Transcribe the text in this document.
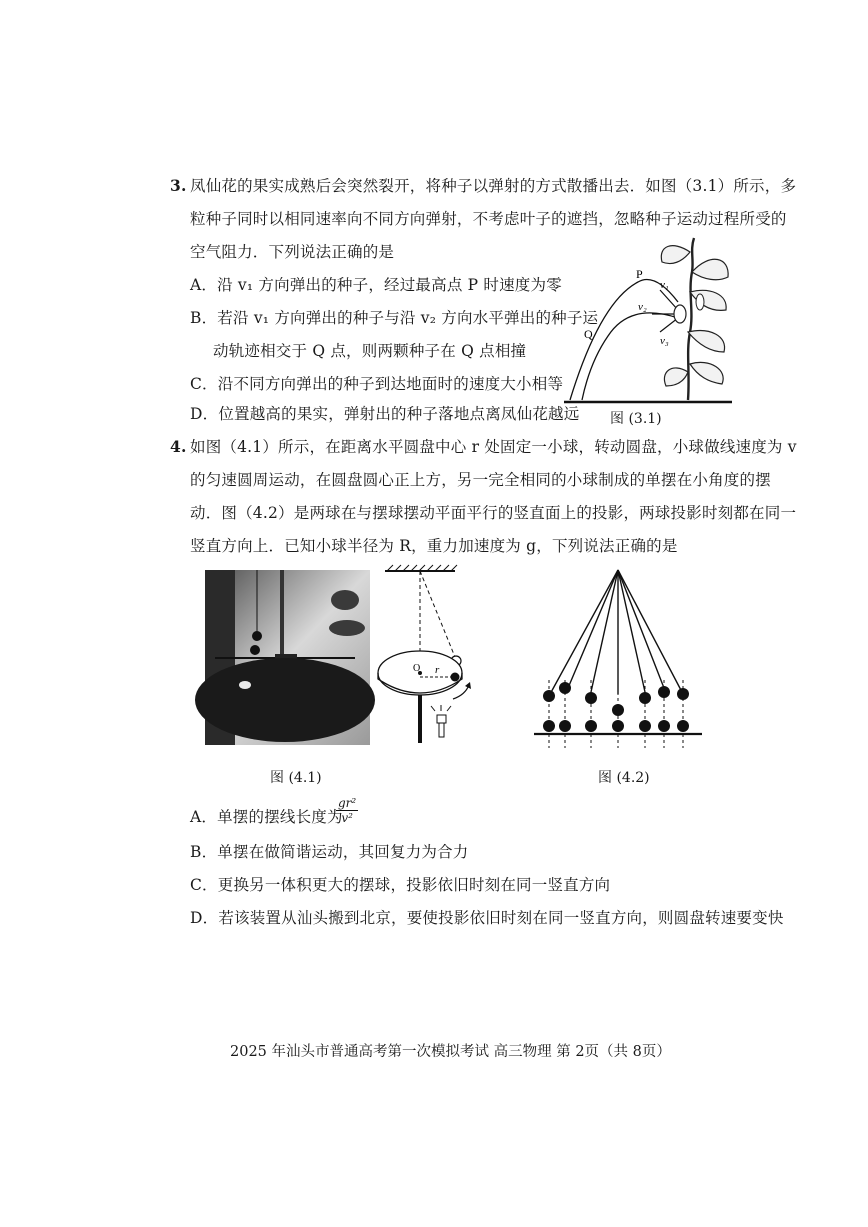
3. 凤仙花的果实成熟后会突然裂开，将种子以弹射的方式散播出去．如图（3.1）所示，多
粒种子同时以相同速率向不同方向弹射，不考虑叶子的遮挡，忽略种子运动过程所受的
空气阻力．下列说法正确的是
A．沿 v₁ 方向弹出的种子，经过最高点 P 时速度为零
B．若沿 v₁ 方向弹出的种子与沿 v₂ 方向水平弹出的种子运
动轨迹相交于 Q 点，则两颗种子在 Q 点相撞
C．沿不同方向弹出的种子到达地面时的速度大小相等
D．位置越高的果实，弹射出的种子落地点离凤仙花越远
P
Q
v₁
v₂
v₃
图 (3.1)
4. 如图（4.1）所示，在距离水平圆盘中心 r 处固定一小球，转动圆盘，小球做线速度为 v
的匀速圆周运动，在圆盘圆心正上方，另一完全相同的小球制成的单摆在小角度的摆
动．图（4.2）是两球在与摆球摆动平面平行的竖直面上的投影，两球投影时刻都在同一
竖直方向上．已知小球半径为 R，重力加速度为 g，下列说法正确的是
O r
图 (4.1)	图 (4.2)
A．单摆的摆线长度为
$\frac{\text{gr²}}{\text{v²}}$
B．单摆在做简谐运动，其回复力为合力
C．更换另一体积更大的摆球，投影依旧时刻在同一竖直方向
D．若该装置从汕头搬到北京，要使投影依旧时刻在同一竖直方向，则圆盘转速要变快
2025 年汕头市普通高考第一次模拟考试 高三物理 第 2页（共 8页）
